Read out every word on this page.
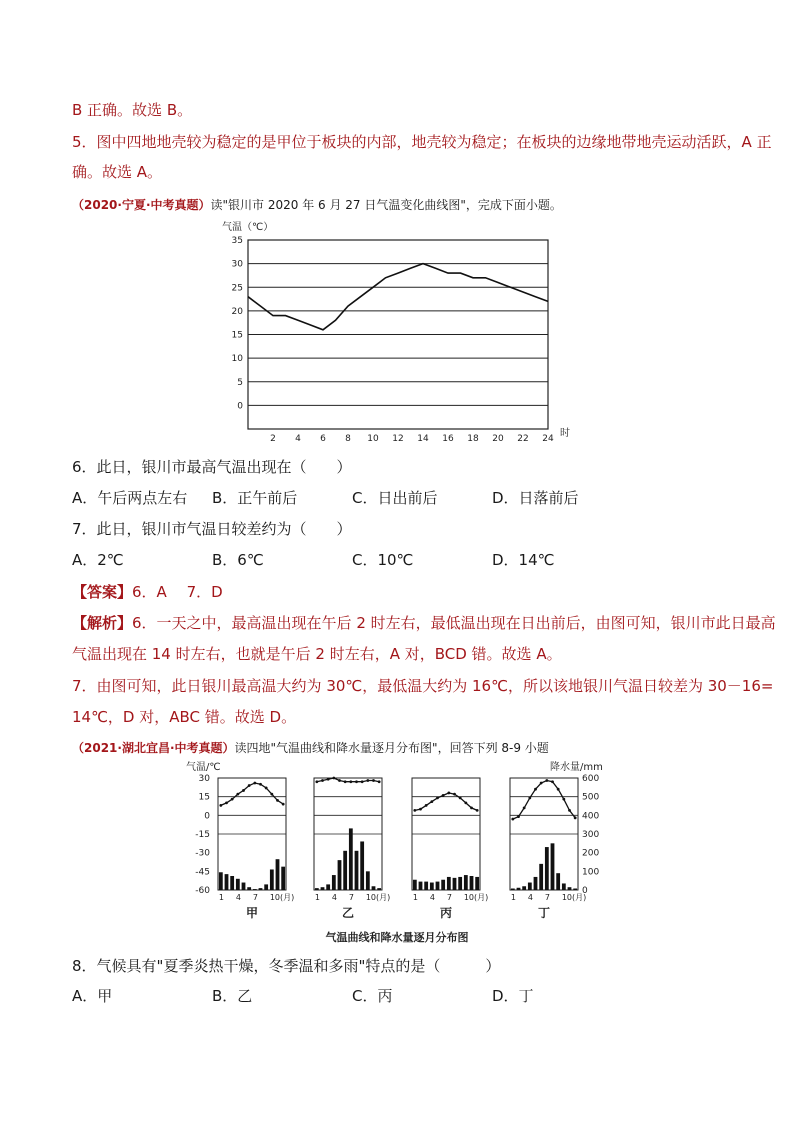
B 正确。故选 B。
5．图中四地地壳较为稳定的是甲位于板块的内部，地壳较为稳定；在板块的边缘地带地壳运动活跃，A 正
确。故选 A。
（2020·宁夏·中考真题）读"银川市 2020 年 6 月 27 日气温变化曲线图"，完成下面小题。
气温（℃）
时
0
5
10
15
20
25
30
35
2 4 6 8 10 12 14 16 18 20 22 24
6．此日，银川市最高气温出现在（　　）
A．午后两点左右 B．正午前后	C．日出前后	D．日落前后
7．此日，银川市气温日较差约为（　　）
A．2℃	B．6℃	C．10℃	D．14℃
【答案】6．A　 7．D
【解析】6．一天之中，最高温出现在午后 2 时左右，最低温出现在日出前后，由图可知，银川市此日最高
气温出现在 14 时左右，也就是午后 2 时左右，A 对，BCD 错。故选 A。
7．由图可知，此日银川最高温大约为 30℃，最低温大约为 16℃，所以该地银川气温日较差为 30－16=
14℃，D 对，ABC 错。故选 D。
（2021·湖北宜昌·中考真题）读四地"气温曲线和降水量逐月分布图"，回答下列 8-9 小题
气温/℃	降水量/mm
30
15
0
-15
-30
-45
-60
600
500
400
300
200
100
0
1 4 7 10(月)
甲
1 4 7 10(月)
乙
1 4 7 10(月)
丙
1 4 7 10(月)
丁
气温曲线和降水量逐月分布图
8．气候具有"夏季炎热干燥，冬季温和多雨"特点的是（　　　）
A．甲	B．乙	C．丙	D．丁
